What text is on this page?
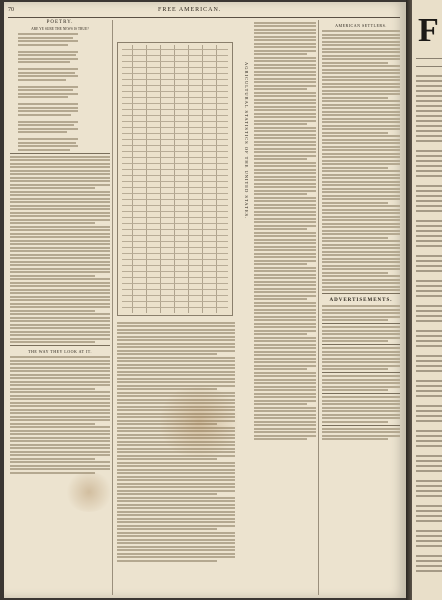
70	FREE AMERICAN.
POETRY.
ARE YE SURE THE NEWS IS TRUE?
THE WAY THEY LOOK AT IT.
AGRICULTURAL STATISTICS OF THE UNITED STATES.
AMERICAN SETTLERS.
ADVERTISEMENTS.
F
